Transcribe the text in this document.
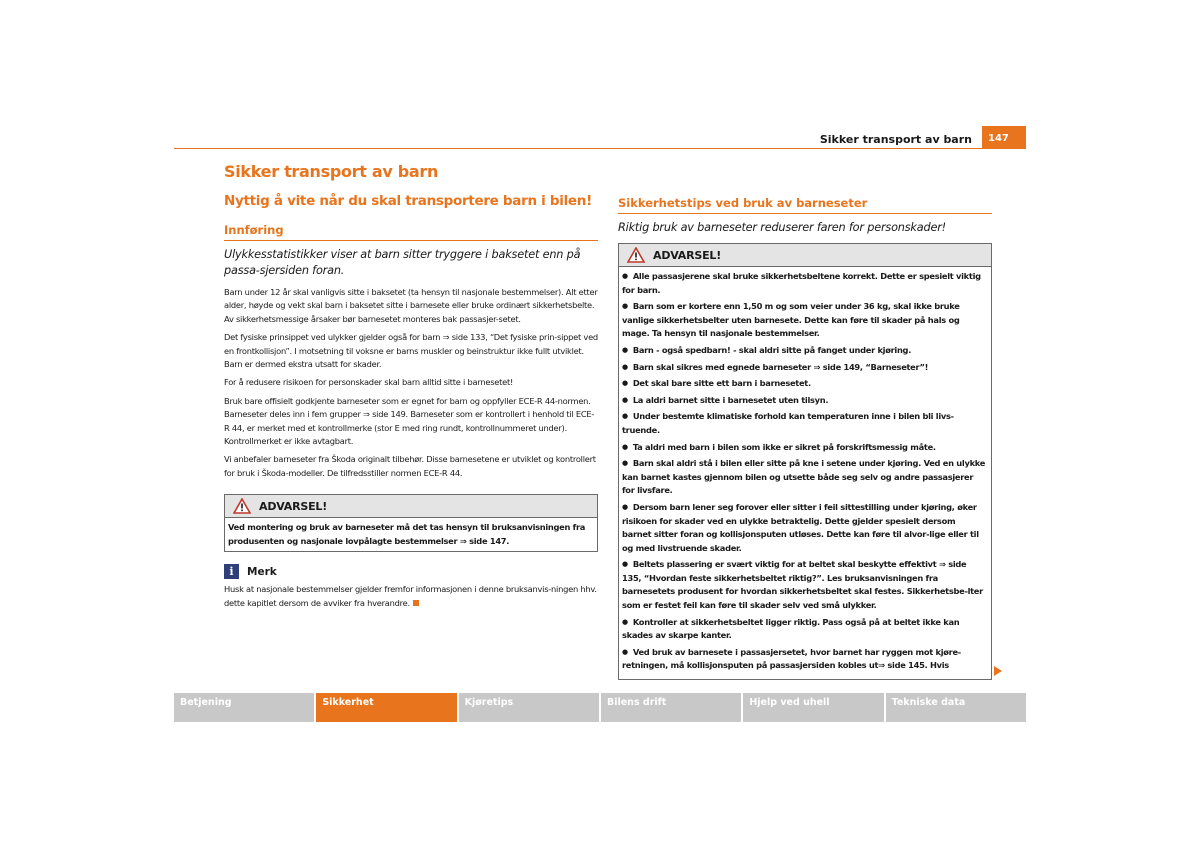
Sikker transport av barn	147
Sikker transport av barn
Nyttig å vite når du skal transportere barn i bilen!
Innføring
Ulykkesstatistikker viser at barn sitter tryggere i baksetet enn på passa-sjersiden foran.

Barn under 12 år skal vanligvis sitte i baksetet (ta hensyn til nasjonale bestemmelser). Alt etter alder, høyde og vekt skal barn i baksetet sitte i barnesete eller bruke ordinært sikkerhetsbelte. Av sikkerhetsmessige årsaker bør barnesetet monteres bak passasjer-setet.

Det fysiske prinsippet ved ulykker gjelder også for barn ⇒ side 133, “Det fysiske prin-sippet ved en frontkollisjon”. I motsetning til voksne er barns muskler og beinstruktur ikke fullt utviklet. Barn er dermed ekstra utsatt for skader.

For å redusere risikoen for personskader skal barn alltid sitte i barnesetet!

Bruk bare offisielt godkjente barneseter som er egnet for barn og oppfyller ECE-R 44-normen. Barneseter deles inn i fem grupper ⇒ side 149. Barneseter som er kontrollert i henhold til ECE-R 44, er merket med et kontrollmerke (stor E med ring rundt, kontrollnummeret under). Kontrollmerket er ikke avtagbart.

Vi anbefaler barneseter fra Škoda originalt tilbehør. Disse barnesetene er utviklet og kontrollert for bruk i Škoda-modeller. De tilfredsstiller normen ECE-R 44.

ADVARSEL!
Ved montering og bruk av barneseter må det tas hensyn til bruksanvisningen fra produsenten og nasjonale lovpålagte bestemmelser ⇒ side 147.
i	Merk

Husk at nasjonale bestemmelser gjelder fremfor informasjonen i denne bruksanvis-ningen hhv. dette kapitlet dersom de avviker fra hverandre.

Sikkerhetstips ved bruk av barneseter
Riktig bruk av barneseter reduserer faren for personskader!
ADVARSEL!

● Alle passasjerene skal bruke sikkerhetsbeltene korrekt. Dette er spesielt viktig for barn.

● Barn som er kortere enn 1,50 m og som veier under 36 kg, skal ikke bruke vanlige sikkerhetsbelter uten barnesete. Dette kan føre til skader på hals og mage. Ta hensyn til nasjonale bestemmelser.

● Barn - også spedbarn! - skal aldri sitte på fanget under kjøring.

● Barn skal sikres med egnede barneseter ⇒ side 149, “Barneseter”!

● Det skal bare sitte ett barn i barnesetet.

● La aldri barnet sitte i barnesetet uten tilsyn.

● Under bestemte klimatiske forhold kan temperaturen inne i bilen bli livs-truende.

● Ta aldri med barn i bilen som ikke er sikret på forskriftsmessig måte.

● Barn skal aldri stå i bilen eller sitte på kne i setene under kjøring. Ved en ulykke kan barnet kastes gjennom bilen og utsette både seg selv og andre passasjerer for livsfare.

● Dersom barn lener seg forover eller sitter i feil sittestilling under kjøring, øker risikoen for skader ved en ulykke betraktelig. Dette gjelder spesielt dersom barnet sitter foran og kollisjonsputen utløses. Dette kan føre til alvor-lige eller til og med livstruende skader.

● Beltets plassering er svært viktig for at beltet skal beskytte effektivt ⇒ side 135, “Hvordan feste sikkerhetsbeltet riktig?”. Les bruksanvisningen fra barnesetets produsent for hvordan sikkerhetsbeltet skal festes. Sikkerhetsbe-lter som er festet feil kan føre til skader selv ved små ulykker.

● Kontroller at sikkerhetsbeltet ligger riktig. Pass også på at beltet ikke kan skades av skarpe kanter.

● Ved bruk av barnesete i passasjersetet, hvor barnet har ryggen mot kjøre-retningen, må kollisjonsputen på passasjersiden kobles ut⇒ side 145. Hvis

Betjening	Sikkerhet	Kjøretips	Bilens drift	Hjelp ved uhell	Tekniske data
